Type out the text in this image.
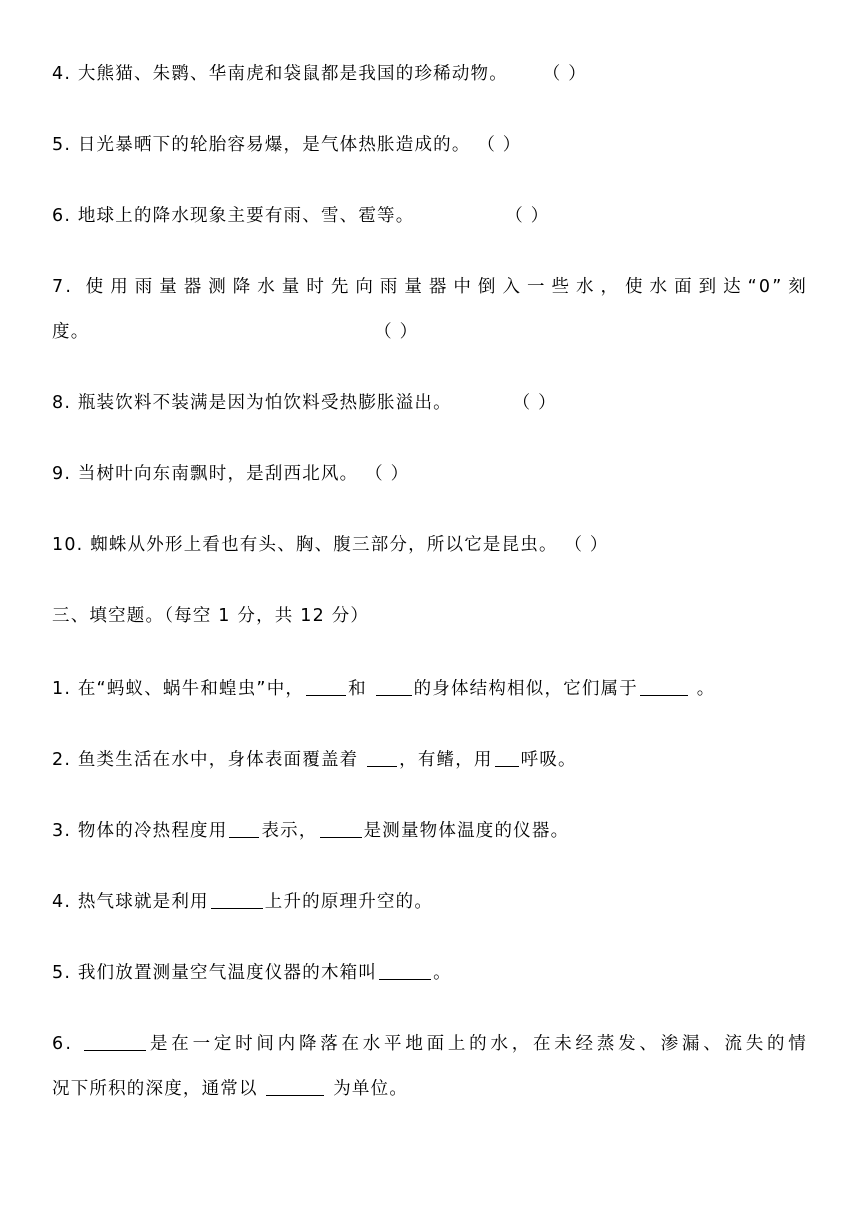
4. 大熊猫、朱鹮、华南虎和袋鼠都是我国的珍稀动物。 （ ）
5. 日光暴晒下的轮胎容易爆，是气体热胀造成的。 （ ）
6. 地球上的降水现象主要有雨、雪、雹等。	（ ）
7. 使用雨量器测降水量时先向雨量器中倒入一些水，使水面到达“0”刻
度。	（ ）
8. 瓶装饮料不装满是因为怕饮料受热膨胀溢出。	（ ）
9. 当树叶向东南飘时，是刮西北风。 （ ）
10. 蜘蛛从外形上看也有头、胸、腹三部分，所以它是昆虫。 （ ）
三、填空题。（每空 1 分，共 12 分）
1. 在“蚂蚁、蜗牛和蝗虫”中，	和	的身体结构相似，它们属于	。
2. 鱼类生活在水中，身体表面覆盖着 ，有鳍，用 呼吸。
3. 物体的冷热程度用 表示，	是测量物体温度的仪器。
4. 热气球就是利用	上升的原理升空的。
5. 我们放置测量空气温度仪器的木箱叫	。
6.	是在一定时间内降落在水平地面上的水，在未经蒸发、渗漏、流失的情
况下所积的深度，通常以	为单位。
